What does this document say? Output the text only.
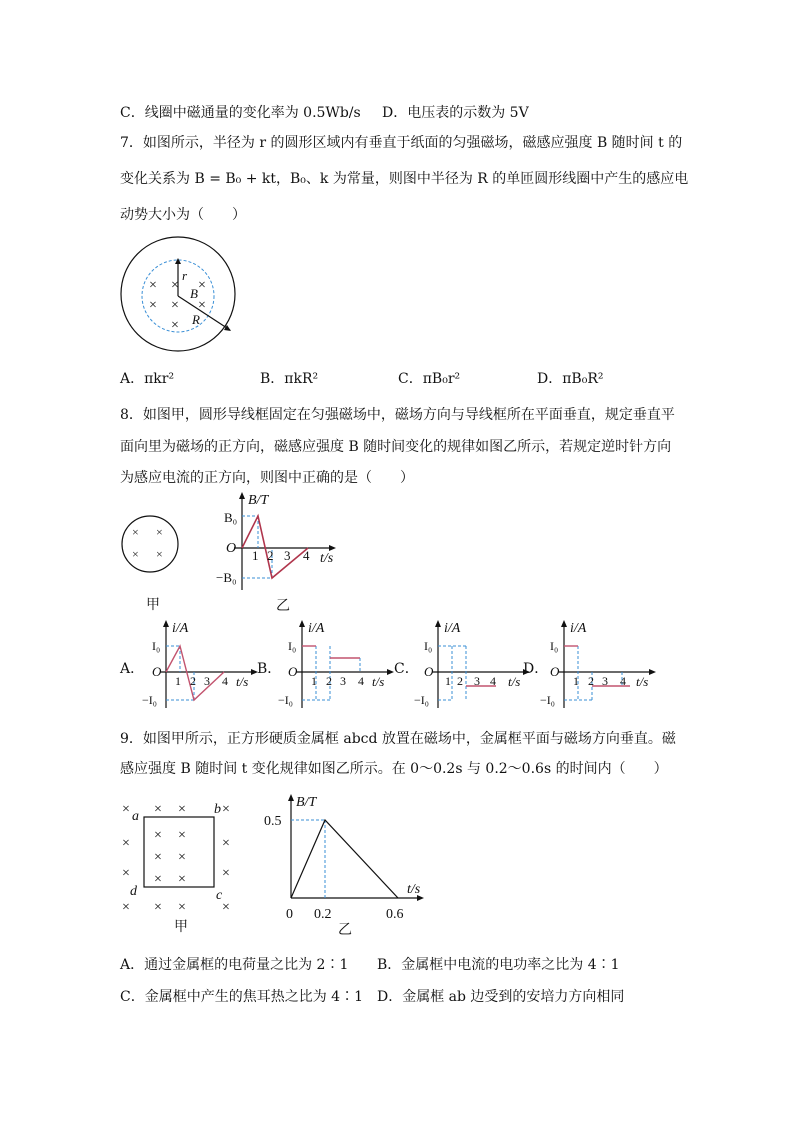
C．线圈中磁通量的变化率为 0.5Wb/s D．电压表的示数为 5V
7．如图所示，半径为 r 的圆形区域内有垂直于纸面的匀强磁场，磁感应强度 B 随时间 t 的
变化关系为 B = B₀ + kt，B₀、k 为常量，则图中半径为 R 的单匝圆形线圈中产生的感应电
动势大小为（　　）
r
B
R
× × ×
× × ×
×
A．πkr²	B．πkR²	C．πB₀r²	D．πB₀R²
8．如图甲，圆形导线框固定在匀强磁场中，磁场方向与导线框所在平面垂直，规定垂直平
面向里为磁场的正方向，磁感应强度 B 随时间变化的规律如图乙所示，若规定逆时针方向
为感应电流的正方向，则图中正确的是（　　）
× ×
× ×
甲
B/T
B₀
O
−B₀
1 2 3 4 t/s
乙
A．
i/A
I₀
O
−I₀
1 2 3 4 t/s
B．
i/A
I₀
O
−I₀
1 2 3 4 t/s
C．
i/A
I₀
O
−I₀
1 2 3 4 t/s
D．
i/A
I₀
O
−I₀
1 2 3 4 t/s
9．如图甲所示，正方形硬质金属框 abcd 放置在磁场中，金属框平面与磁场方向垂直。磁
感应强度 B 随时间 t 变化规律如图乙所示。在 0～0.2s 与 0.2～0.6s 的时间内（　　）
× × ×	×
×
× ×
×
× ×
×	×
× ×
× × ×	×
a	b
c
d
甲
B/T
0.5
0 0.2	0.6
t/s
乙
A．通过金属框的电荷量之比为 2∶1 B．金属框中电流的电功率之比为 4∶1
C．金属框中产生的焦耳热之比为 4∶1 D．金属框 ab 边受到的安培力方向相同
